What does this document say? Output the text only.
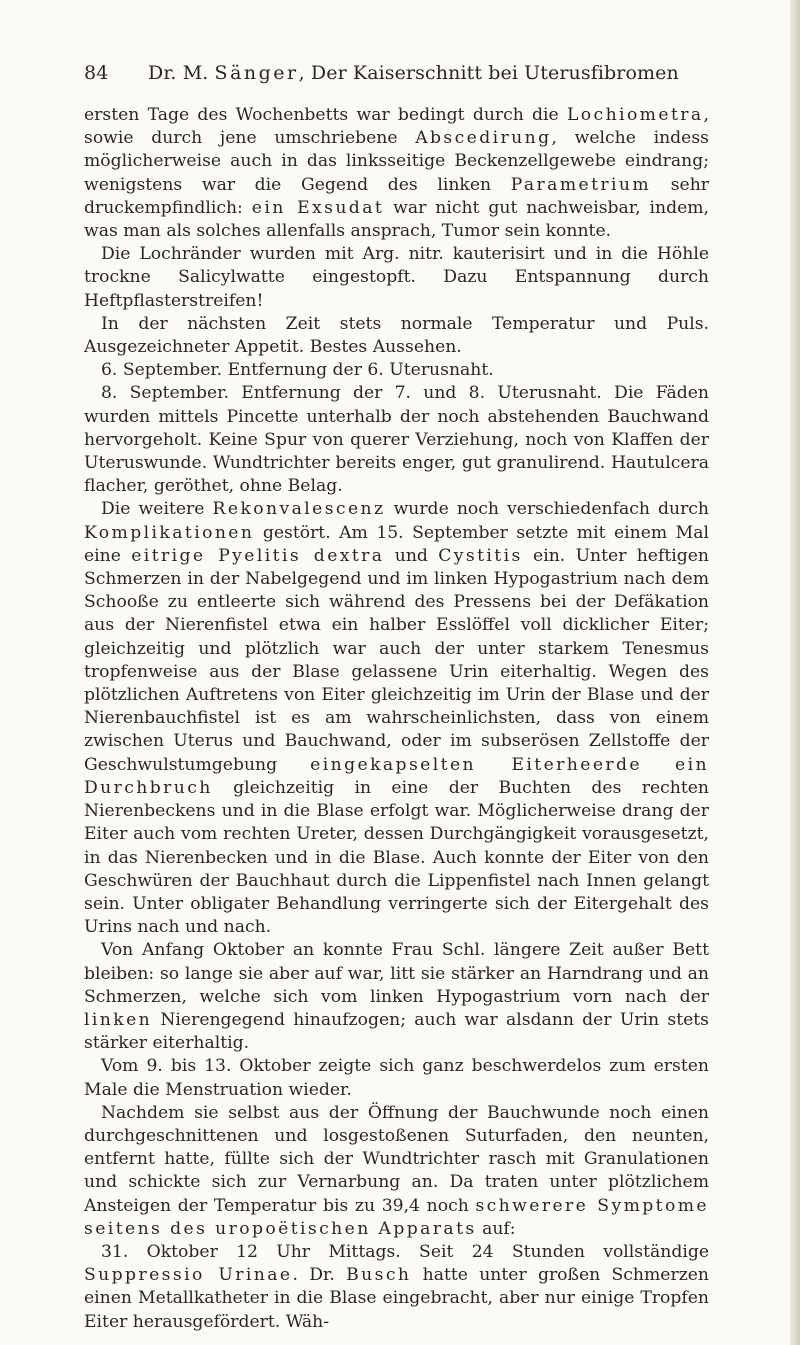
84 Dr. M. Sänger, Der Kaiserschnitt bei Uterusfibromen

ersten Tage des Wochenbetts war bedingt durch die Lochiometra, sowie durch jene umschriebene Abscedirung, welche indess möglicherweise auch in das linksseitige Beckenzellgewebe eindrang; wenigstens war die Gegend des linken Parametrium sehr druckempfindlich: ein Exsudat war nicht gut nachweisbar, indem, was man als solches allenfalls ansprach, Tumor sein konnte.

Die Lochränder wurden mit Arg. nitr. kauterisirt und in die Höhle trockne Salicylwatte eingestopft. Dazu Entspannung durch Heftpflasterstreifen!

In der nächsten Zeit stets normale Temperatur und Puls. Ausgezeichneter Appetit. Bestes Aussehen.

6. September. Entfernung der 6. Uterusnaht.

8. September. Entfernung der 7. und 8. Uterusnaht. Die Fäden wurden mittels Pincette unterhalb der noch abstehenden Bauchwand hervorgeholt. Keine Spur von querer Verziehung, noch von Klaffen der Uteruswunde. Wundtrichter bereits enger, gut granulirend. Hautulcera flacher, geröthet, ohne Belag.

Die weitere Rekonvalescenz wurde noch verschiedenfach durch Komplikationen gestört. Am 15. September setzte mit einem Mal eine eitrige Pyelitis dextra und Cystitis ein. Unter heftigen Schmerzen in der Nabelgegend und im linken Hypogastrium nach dem Schooße zu entleerte sich während des Pressens bei der Defäkation aus der Nierenfistel etwa ein halber Esslöffel voll dicklicher Eiter; gleichzeitig und plötzlich war auch der unter starkem Tenesmus tropfenweise aus der Blase gelassene Urin eiterhaltig. Wegen des plötzlichen Auftretens von Eiter gleichzeitig im Urin der Blase und der Nierenbauchfistel ist es am wahrscheinlichsten, dass von einem zwischen Uterus und Bauchwand, oder im subserösen Zellstoffe der Geschwulstumgebung eingekapselten Eiterheerde ein Durchbruch gleichzeitig in eine der Buchten des rechten Nierenbeckens und in die Blase erfolgt war. Möglicherweise drang der Eiter auch vom rechten Ureter, dessen Durchgängigkeit vorausgesetzt, in das Nierenbecken und in die Blase. Auch konnte der Eiter von den Geschwüren der Bauchhaut durch die Lippenfistel nach Innen gelangt sein. Unter obligater Behandlung verringerte sich der Eitergehalt des Urins nach und nach.

Von Anfang Oktober an konnte Frau Schl. längere Zeit außer Bett bleiben: so lange sie aber auf war, litt sie stärker an Harndrang und an Schmerzen, welche sich vom linken Hypogastrium vorn nach der linken Nierengegend hinaufzogen; auch war alsdann der Urin stets stärker eiterhaltig.

Vom 9. bis 13. Oktober zeigte sich ganz beschwerdelos zum ersten Male die Menstruation wieder.

Nachdem sie selbst aus der Öffnung der Bauchwunde noch einen durchgeschnittenen und losgestoßenen Suturfaden, den neunten, entfernt hatte, füllte sich der Wundtrichter rasch mit Granulationen und schickte sich zur Vernarbung an. Da traten unter plötzlichem Ansteigen der Temperatur bis zu 39,4 noch schwerere Symptome seitens des uropoëtischen Apparats auf:

31. Oktober 12 Uhr Mittags. Seit 24 Stunden vollständige Suppressio Urinae. Dr. Busch hatte unter großen Schmerzen einen Metallkatheter in die Blase eingebracht, aber nur einige Tropfen Eiter herausgefördert. Wäh-
